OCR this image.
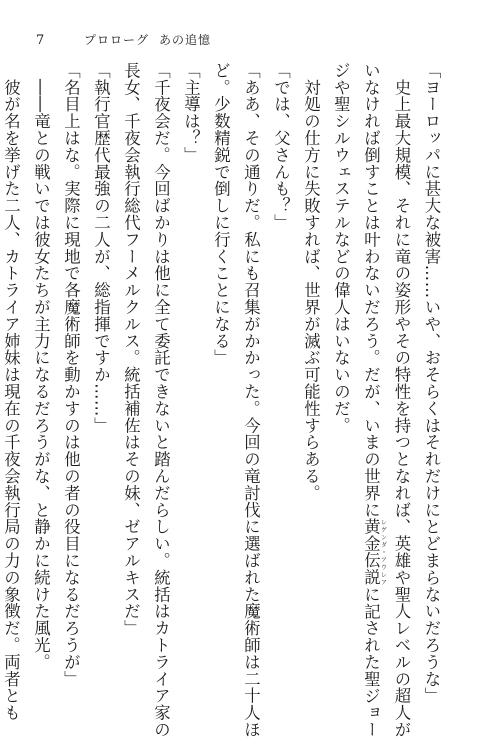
7	プロローグ あの追憶

「ヨーロッパに甚大な被害……いや、おそらくはそれだけにとどまらないだろうな」

　史上最大規模、それに竜の姿形やその特性を持つとなれば、英雄や聖人レベルの超人が

いなければ倒すことは叶わないだろう。だが、いまの世界に黄金伝説 レゲンダ・アウレアに記された聖ジョー

ジや聖シルウェステルなどの偉人はいないのだ。

　対処の仕方に失敗すれば、世界が滅ぶ可能性すらある。

「では、父さんも？」

「ああ、その通りだ。私にも召集がかかった。今回の竜討伐に選ばれた魔術師は二十人ほ

ど。少数精鋭で倒しに行くことになる」

「主導は？」

「千夜会だ。今回ばかりは他に全て委託できないと踏んだらしい。統括はカトライア家の

長女、千夜会執行総代フーメルクルス。統括補佐はその妹、ゼアルキスだ」

「執行官歴代最強の二人が、総指揮ですか……」

「名目上はな。実際に現地で各魔術師を動かすのは他の者の役目になるだろうが」

　――竜との戦いでは彼女たちが主力になるだろうがな、と静かに続けた風光。

　彼が名を挙げた二人、カトライア姉妹は現在の千夜会執行局の力の象徴だ。両者とも
